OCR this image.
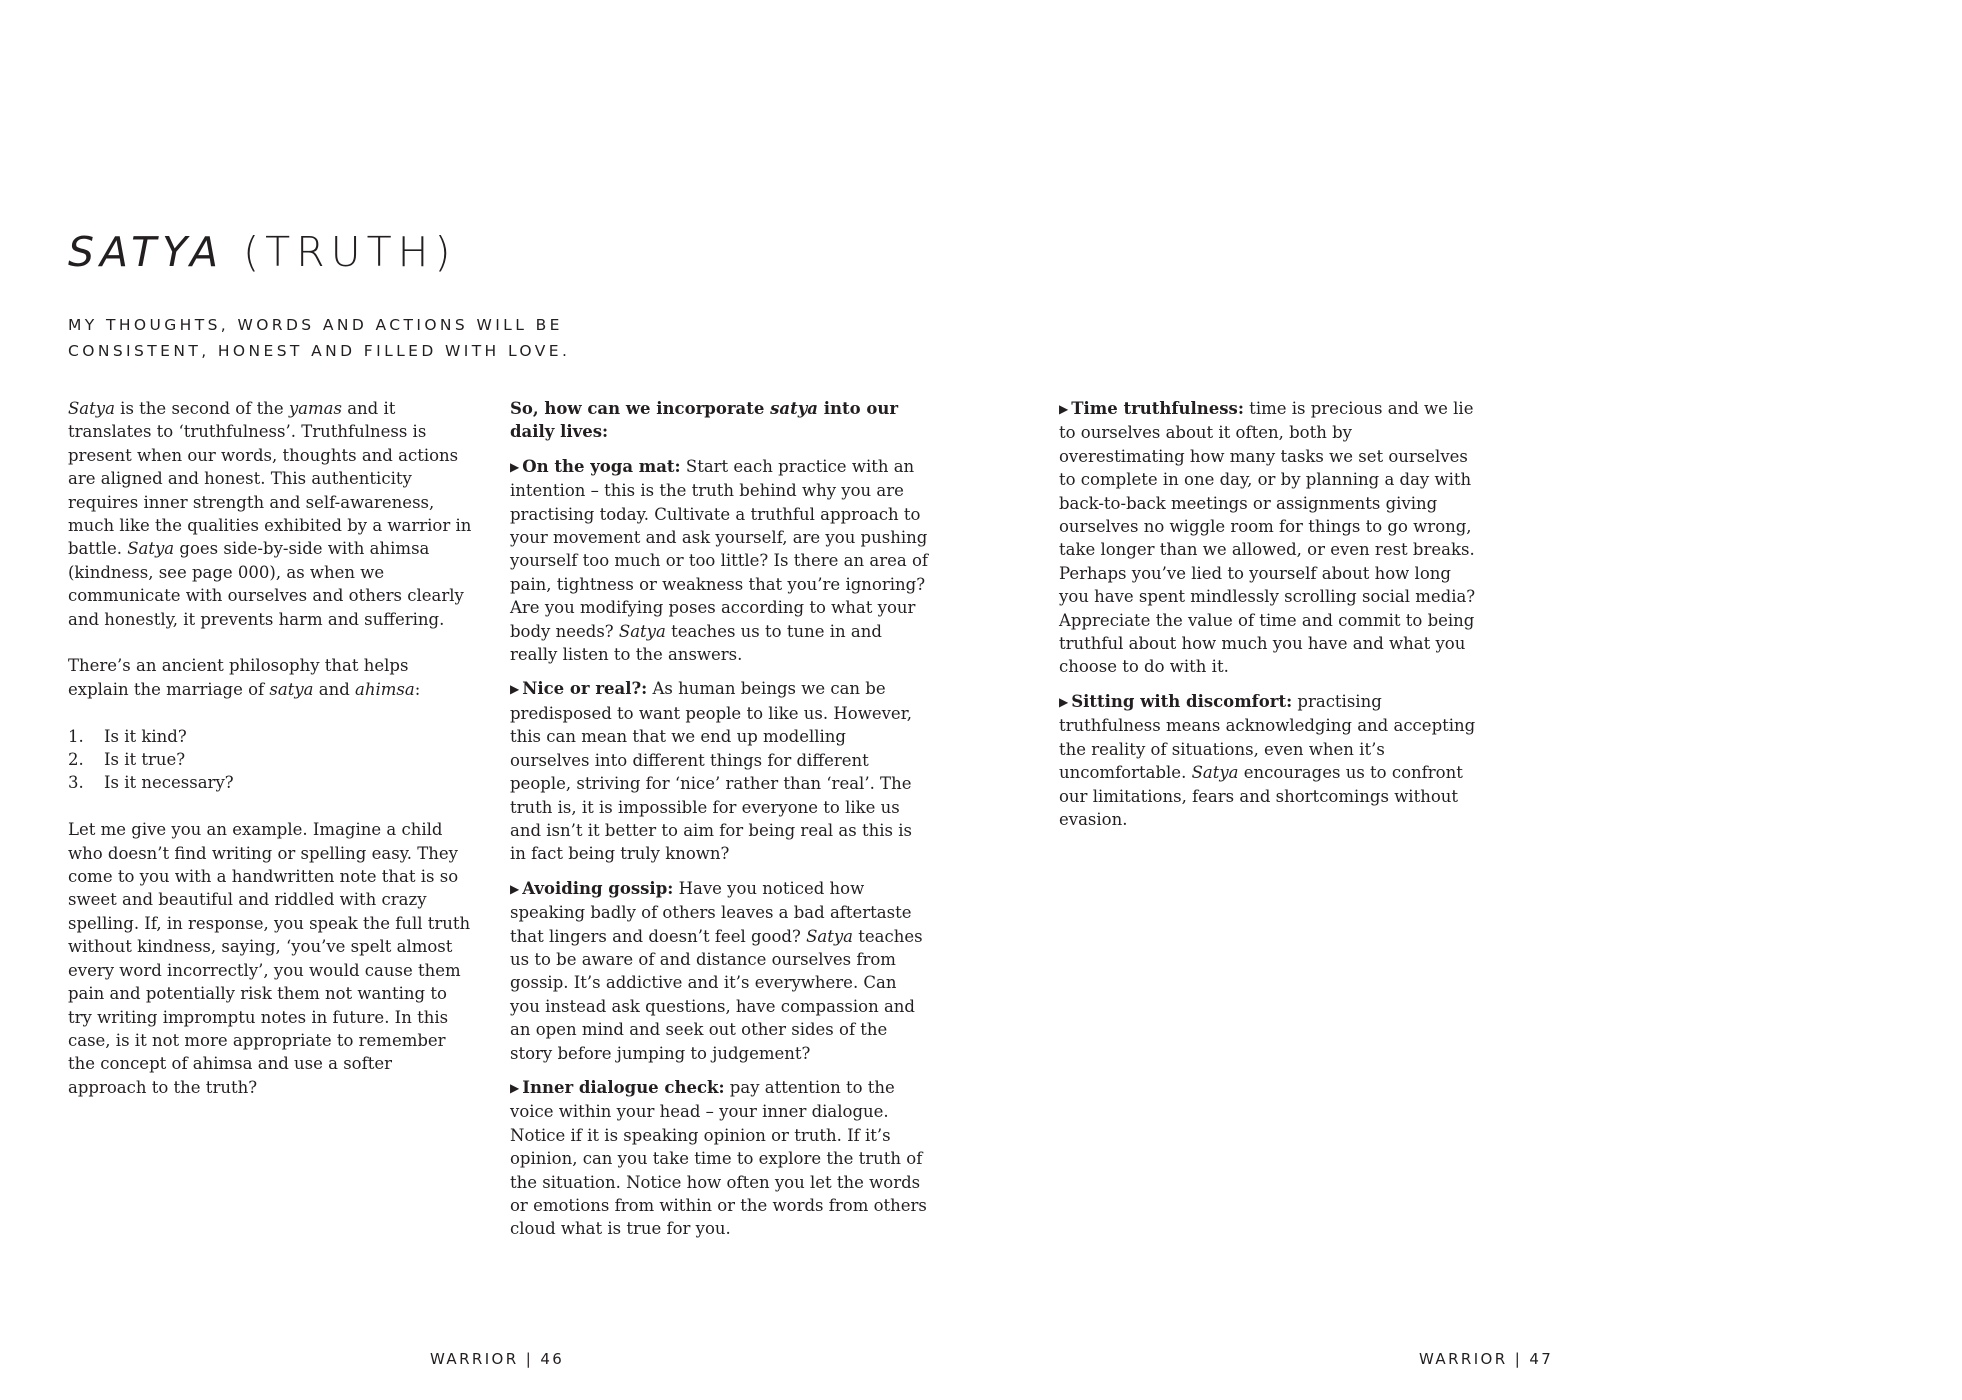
SATYA (TRUTH)
MY THOUGHTS, WORDS AND ACTIONS WILL BE
CONSISTENT, HONEST AND FILLED WITH LOVE.

Satya is the second of the yamas and it translates to ‘truthfulness’. Truthfulness is present when our words, thoughts and actions are aligned and honest. This authenticity requires inner strength and self-awareness, much like the qualities exhibited by a warrior in battle. Satya goes side-by-side with ahimsa (kindness, see page 000), as when we communicate with ourselves and others clearly and honestly, it prevents harm and suffering.

There’s an ancient philosophy that helps explain the marriage of satya and ahimsa:

1.	Is it kind?
2.	Is it true?
3.	Is it necessary?

Let me give you an example. Imagine a child who doesn’t find writing or spelling easy. They come to you with a handwritten note that is so sweet and beautiful and riddled with crazy spelling. If, in response, you speak the full truth without kindness, saying, ‘you’ve spelt almost every word incorrectly’, you would cause them pain and potentially risk them not wanting to try writing impromptu notes in future. In this case, is it not more appropriate to remember the concept of ahimsa and use a softer approach to the truth?

So, how can we incorporate satya into our daily lives:

▶ On the yoga mat: Start each practice with an intention – this is the truth behind why you are practising today. Cultivate a truthful approach to your movement and ask yourself, are you pushing yourself too much or too little? Is there an area of pain, tightness or weakness that you’re ignoring? Are you modifying poses according to what your body needs? Satya teaches us to tune in and really listen to the answers.

▶ Nice or real?: As human beings we can be predisposed to want people to like us. However, this can mean that we end up modelling ourselves into different things for different people, striving for ‘nice’ rather than ‘real’. The truth is, it is impossible for everyone to like us and isn’t it better to aim for being real as this is in fact being truly known?

▶ Avoiding gossip: Have you noticed how speaking badly of others leaves a bad aftertaste that lingers and doesn’t feel good? Satya teaches us to be aware of and distance ourselves from gossip. It’s addictive and it’s everywhere. Can you instead ask questions, have compassion and an open mind and seek out other sides of the story before jumping to judgement?

▶ Inner dialogue check: pay attention to the voice within your head – your inner dialogue. Notice if it is speaking opinion or truth. If it’s opinion, can you take time to explore the truth of the situation. Notice how often you let the words or emotions from within or the words from others cloud what is true for you.

WARRIOR | 46

▶ Time truthfulness: time is precious and we lie to ourselves about it often, both by overestimating how many tasks we set ourselves to complete in one day, or by planning a day with back-to-back meetings or assignments giving ourselves no wiggle room for things to go wrong, take longer than we allowed, or even rest breaks. Perhaps you’ve lied to yourself about how long you have spent mindlessly scrolling social media? Appreciate the value of time and commit to being truthful about how much you have and what you choose to do with it.

▶ Sitting with discomfort: practising truthfulness means acknowledging and accepting the reality of situations, even when it’s uncomfortable. Satya encourages us to confront our limitations, fears and shortcomings without evasion.

WARRIOR | 47
